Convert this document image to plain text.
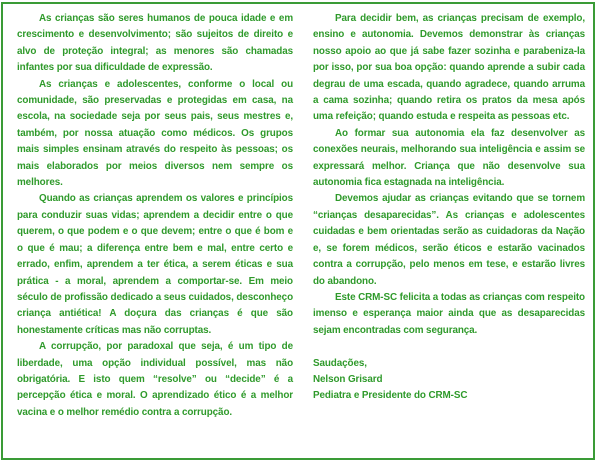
As crianças são seres humanos de pouca idade e em crescimento e desenvolvimento; são sujeitos de direito e alvo de proteção integral; as menores são chamadas infantes por sua dificuldade de expressão.

As crianças e adolescentes, conforme o local ou comunidade, são preservadas e protegidas em casa, na escola, na sociedade seja por seus pais, seus mestres e, também, por nossa atuação como médicos. Os grupos mais simples ensinam através do respeito às pessoas; os mais elaborados por meios diversos nem sempre os melhores.

Quando as crianças aprendem os valores e princípios para conduzir suas vidas; aprendem a decidir entre o que querem, o que podem e o que devem; entre o que é bom e o que é mau; a diferença entre bem e mal, entre certo e errado, enfim, aprendem a ter ética, a serem éticas e sua prática - a moral, aprendem a comportar-se. Em meio século de profissão dedicado a seus cuidados, desconheço criança antiética! A doçura das crianças é que são honestamente críticas mas não corruptas.

A corrupção, por paradoxal que seja, é um tipo de liberdade, uma opção individual possível, mas não obrigatória. E isto quem “resolve” ou “decide” é a percepção ética e moral. O aprendizado ético é a melhor vacina e o melhor remédio contra a corrupção.

Para decidir bem, as crianças precisam de exemplo, ensino e autonomia. Devemos demonstrar às crianças nosso apoio ao que já sabe fazer sozinha e parabeniza-la por isso, por sua boa opção: quando aprende a subir cada degrau de uma escada, quando agradece, quando arruma a cama sozinha; quando retira os pratos da mesa após uma refeição; quando estuda e respeita as pessoas etc.

Ao formar sua autonomia ela faz desenvolver as conexões neurais, melhorando sua inteligência e assim se expressará melhor. Criança que não desenvolve sua autonomia fica estagnada na inteligência.

Devemos ajudar as crianças evitando que se tornem “crianças desaparecidas”. As crianças e adolescentes cuidadas e bem orientadas serão as cuidadoras da Nação e, se forem médicos, serão éticos e estarão vacinados contra a corrupção, pelo menos em tese, e estarão livres do abandono.

Este CRM-SC felicita a todas as crianças com respeito imenso e esperança maior ainda que as desaparecidas sejam encontradas com segurança.

Saudações,
Nelson Grisard
Pediatra e Presidente do CRM-SC
